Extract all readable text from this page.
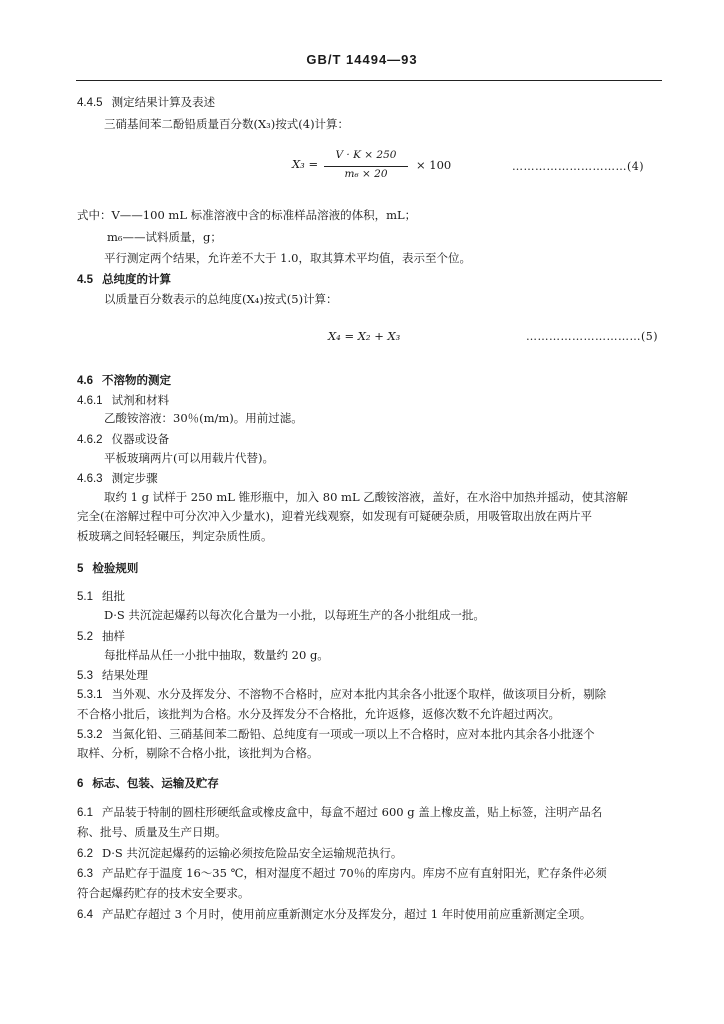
GB/T 14494—93
4.4.5 测定结果计算及表述
三硝基间苯二酚铅质量百分数(X₃)按式(4)计算：
X₃ =
V · K × 250
m₆ × 20
× 100	…………………………(4)
式中：V——100 mL 标准溶液中含的标准样品溶液的体积，mL；
m₆——试料质量，g；
平行测定两个结果，允许差不大于 1.0，取其算术平均值，表示至个位。
4.5 总纯度的计算
以质量百分数表示的总纯度(X₄)按式(5)计算：
X₄ = X₂ + X₃	…………………………(5)
4.6 不溶物的测定
4.6.1 试剂和材料
乙酸铵溶液：30％(m/m)。用前过滤。
4.6.2 仪器或设备
平板玻璃两片(可以用载片代替)。
4.6.3 测定步骤
取约 1 g 试样于 250 mL 锥形瓶中，加入 80 mL 乙酸铵溶液，盖好，在水浴中加热并摇动，使其溶解
完全(在溶解过程中可分次冲入少量水)，迎着光线观察，如发现有可疑硬杂质，用吸管取出放在两片平
板玻璃之间轻轻碾压，判定杂质性质。
5 检验规则
5.1 组批
D·S 共沉淀起爆药以每次化合量为一小批，以每班生产的各小批组成一批。
5.2 抽样
每批样品从任一小批中抽取，数量约 20 g。
5.3 结果处理
5.3.1 当外观、水分及挥发分、不溶物不合格时，应对本批内其余各小批逐个取样，做该项目分析，剔除
不合格小批后，该批判为合格。水分及挥发分不合格批，允许返修，返修次数不允许超过两次。
5.3.2 当氮化铅、三硝基间苯二酚铅、总纯度有一项或一项以上不合格时，应对本批内其余各小批逐个
取样、分析，剔除不合格小批，该批判为合格。
6 标志、包装、运输及贮存
6.1 产品装于特制的圆柱形硬纸盒或橡皮盒中，每盒不超过 600 g 盖上橡皮盖，贴上标签，注明产品名
称、批号、质量及生产日期。
6.2 D·S 共沉淀起爆药的运输必须按危险品安全运输规范执行。
6.3 产品贮存于温度 16～35 ℃，相对湿度不超过 70％的库房内。库房不应有直射阳光，贮存条件必须
符合起爆药贮存的技术安全要求。
6.4 产品贮存超过 3 个月时，使用前应重新测定水分及挥发分，超过 1 年时使用前应重新测定全项。
